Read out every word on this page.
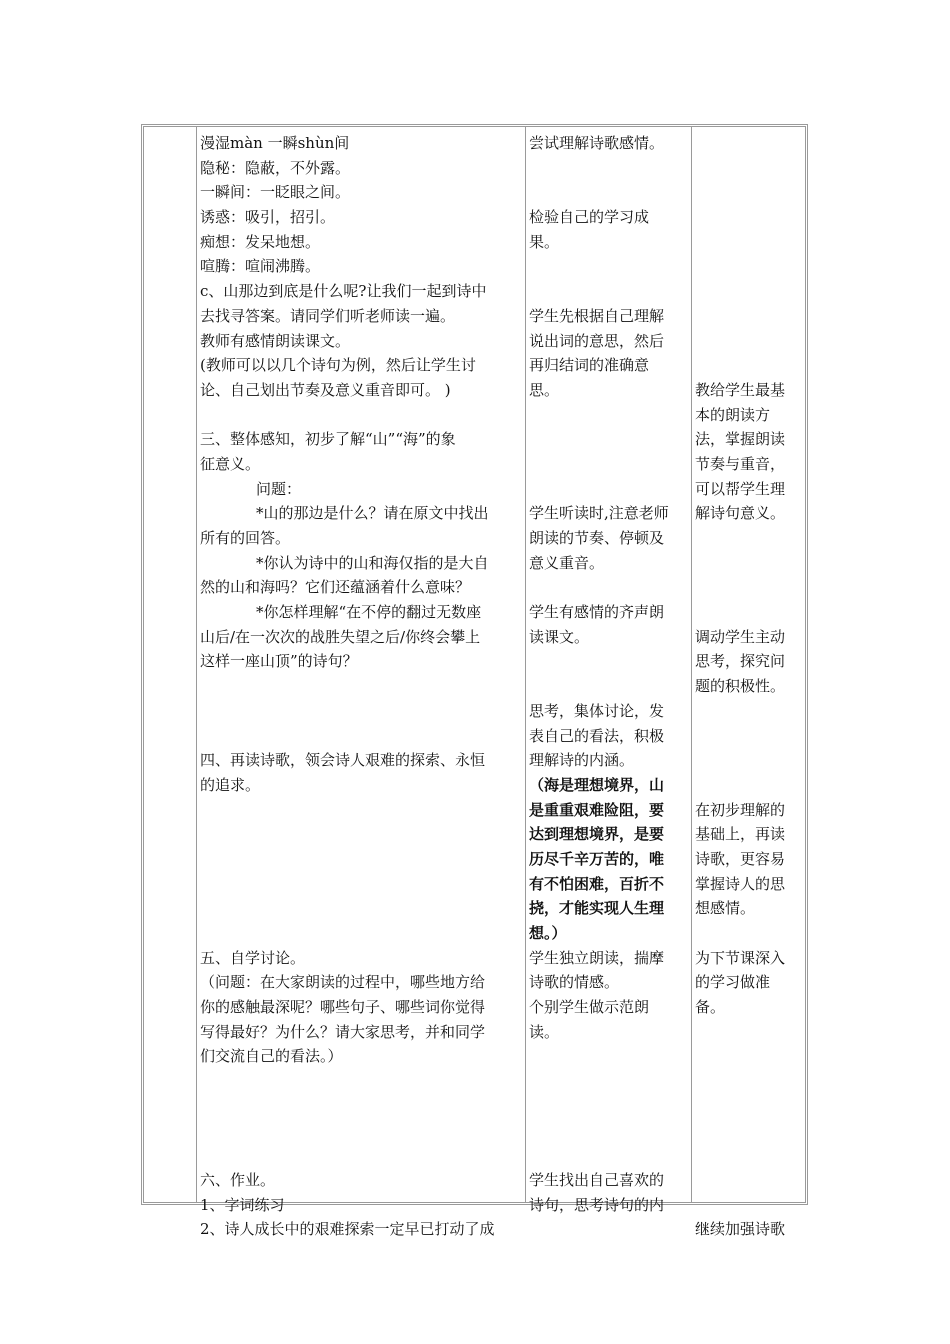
漫湿màn 一瞬shùn间
隐秘：隐蔽，不外露。
一瞬间：一眨眼之间。
诱惑：吸引，招引。
痴想：发呆地想。
喧腾：喧闹沸腾。
c、山那边到底是什么呢?让我们一起到诗中
去找寻答案。请同学们听老师读一遍。
教师有感情朗读课文。
(教师可以以几个诗句为例，然后让学生讨
论、自己划出节奏及意义重音即可。 )
三、整体感知，初步了解“山”“海”的象
征意义。
问题：
*山的那边是什么？请在原文中找出
所有的回答。
*你认为诗中的山和海仅指的是大自
然的山和海吗？它们还蕴涵着什么意味？
*你怎样理解“在不停的翻过无数座
山后/在一次次的战胜失望之后/你终会攀上
这样一座山顶”的诗句？
四、再读诗歌，领会诗人艰难的探索、永恒
的追求。
五、自学讨论。
（问题：在大家朗读的过程中，哪些地方给
你的感触最深呢？哪些句子、哪些词你觉得
写得最好？为什么？请大家思考，并和同学
们交流自己的看法。）
六、作业。
1、字词练习
2、诗人成长中的艰难探索一定早已打动了成
尝试理解诗歌感情。
检验自己的学习成
果。
学生先根据自己理解
说出词的意思，然后
再归结词的准确意
思。
学生听读时,注意老师
朗读的节奏、停顿及
意义重音。
学生有感情的齐声朗
读课文。
思考，集体讨论，发
表自己的看法，积极
理解诗的内涵。
（海是理想境界，山
是重重艰难险阻，要
达到理想境界，是要
历尽千辛万苦的，唯
有不怕困难，百折不
挠，才能实现人生理
想。）
学生独立朗读，揣摩
诗歌的情感。
个别学生做示范朗
读。
学生找出自己喜欢的
诗句，思考诗句的内
教给学生最基
本的朗读方
法，掌握朗读
节奏与重音，
可以帮学生理
解诗句意义。
调动学生主动
思考，探究问
题的积极性。
在初步理解的
基础上，再读
诗歌，更容易
掌握诗人的思
想感情。
为下节课深入
的学习做准
备。
继续加强诗歌
